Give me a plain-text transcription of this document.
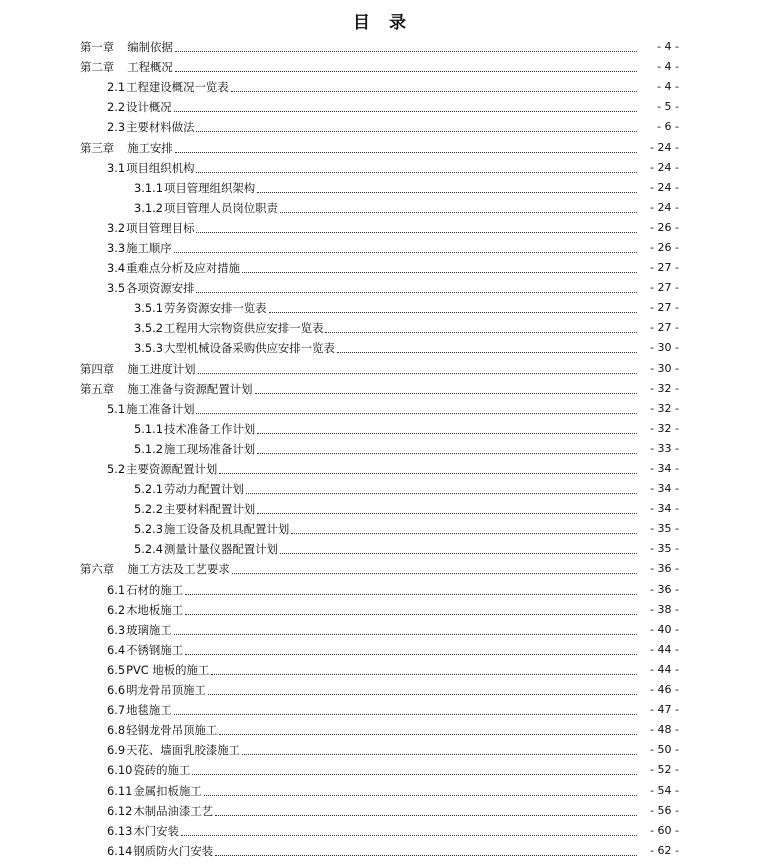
目　录
第一章 编制依据	- 4 -
第二章 工程概况	- 4 -
2.1 工程建设概况一览表	- 4 -
2.2 设计概况	- 5 -
2.3 主要材料做法	- 6 -
第三章 施工安排	- 24 -
3.1 项目组织机构	- 24 -
3.1.1 项目管理组织架构	- 24 -
3.1.2 项目管理人员岗位职责	- 24 -
3.2 项目管理目标	- 26 -
3.3 施工顺序	- 26 -
3.4 重难点分析及应对措施	- 27 -
3.5 各项资源安排	- 27 -
3.5.1 劳务资源安排一览表	- 27 -
3.5.2 工程用大宗物资供应安排一览表	- 27 -
3.5.3 大型机械设备采购供应安排一览表	- 30 -
第四章 施工进度计划	- 30 -
第五章 施工准备与资源配置计划	- 32 -
5.1 施工准备计划	- 32 -
5.1.1 技术准备工作计划	- 32 -
5.1.2 施工现场准备计划	- 33 -
5.2 主要资源配置计划	- 34 -
5.2.1 劳动力配置计划	- 34 -
5.2.2 主要材料配置计划	- 34 -
5.2.3 施工设备及机具配置计划	- 35 -
5.2.4 测量计量仪器配置计划	- 35 -
第六章 施工方法及工艺要求	- 36 -
6.1 石材的施工	- 36 -
6.2 木地板施工	- 38 -
6.3 玻璃施工	- 40 -
6.4 不锈钢施工	- 44 -
6.5 PVC 地板的施工	- 44 -
6.6 明龙骨吊顶施工	- 46 -
6.7 地毯施工	- 47 -
6.8 轻钢龙骨吊顶施工	- 48 -
6.9 天花、墙面乳胶漆施工	- 50 -
6.10 瓷砖的施工	- 52 -
6.11 金属扣板施工	- 54 -
6.12 木制品油漆工艺	- 56 -
6.13 木门安装	- 60 -
6.14 钢质防火门安装	- 62 -
